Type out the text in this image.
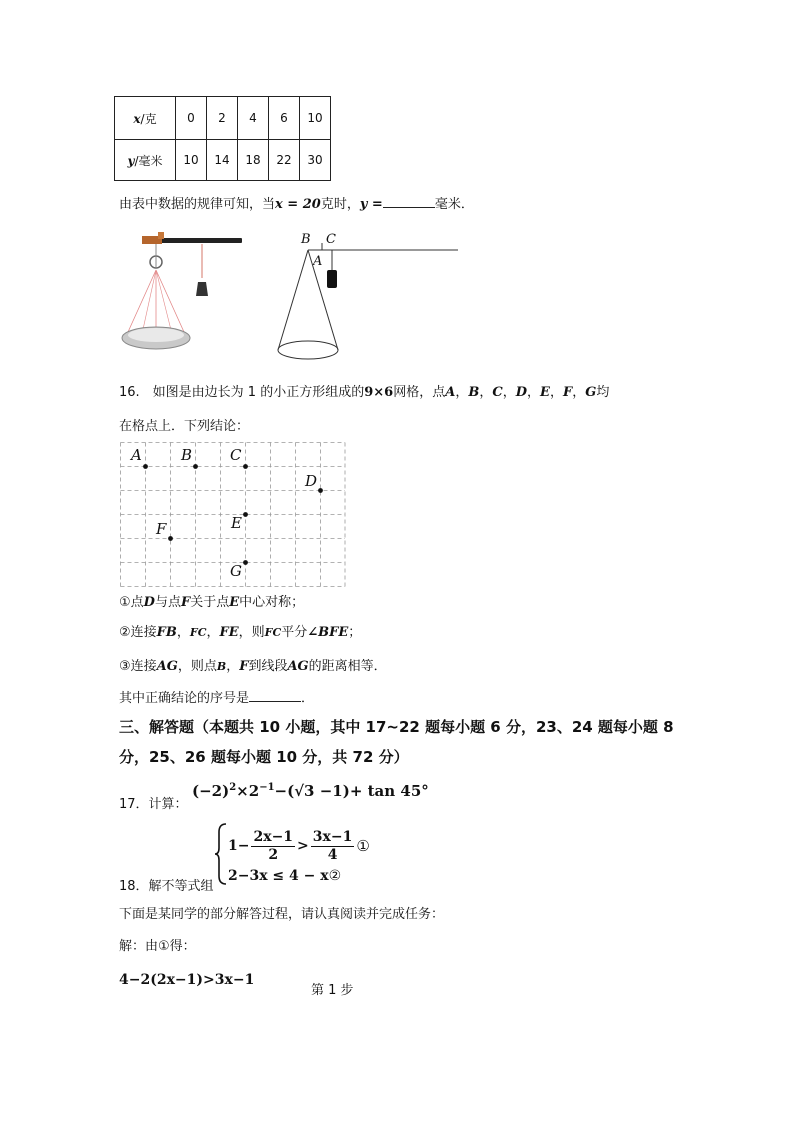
x/克	0	2	4	6	10
y/毫米	10	14	18	22	30
由表中数据的规律可知，当x = 20克时，y =	毫米．
B C
A
16.　如图是由边长为 1 的小正方形组成的9×6网格，点A，B，C，D，E，F，G均
在格点上．下列结论：
A	B	C
D
E
F
G
①点D与点F关于点E中心对称；
②连接FB，FC，FE，则FC平分∠BFE；
③连接AG，则点B，F到线段AG的距离相等．
其中正确结论的序号是	．
三、解答题（本题共 10 小题，其中 17~22 题每小题 6 分，23、24 题每小题 8
分，25、26 题每小题 10 分，共 72 分）
$(-2)^2\times 2^{-1}-(√3 -1)+ \tan 45^\circ$
17．计算：
$1- \frac{2x-1}{2} > \frac{3x-1}{4}$ ①
2−3x ≤ 4 − x②
18．解不等式组
下面是某同学的部分解答过程，请认真阅读并完成任务：
解：由①得：
4−2(2x−1)>3x−1
第 1 步
